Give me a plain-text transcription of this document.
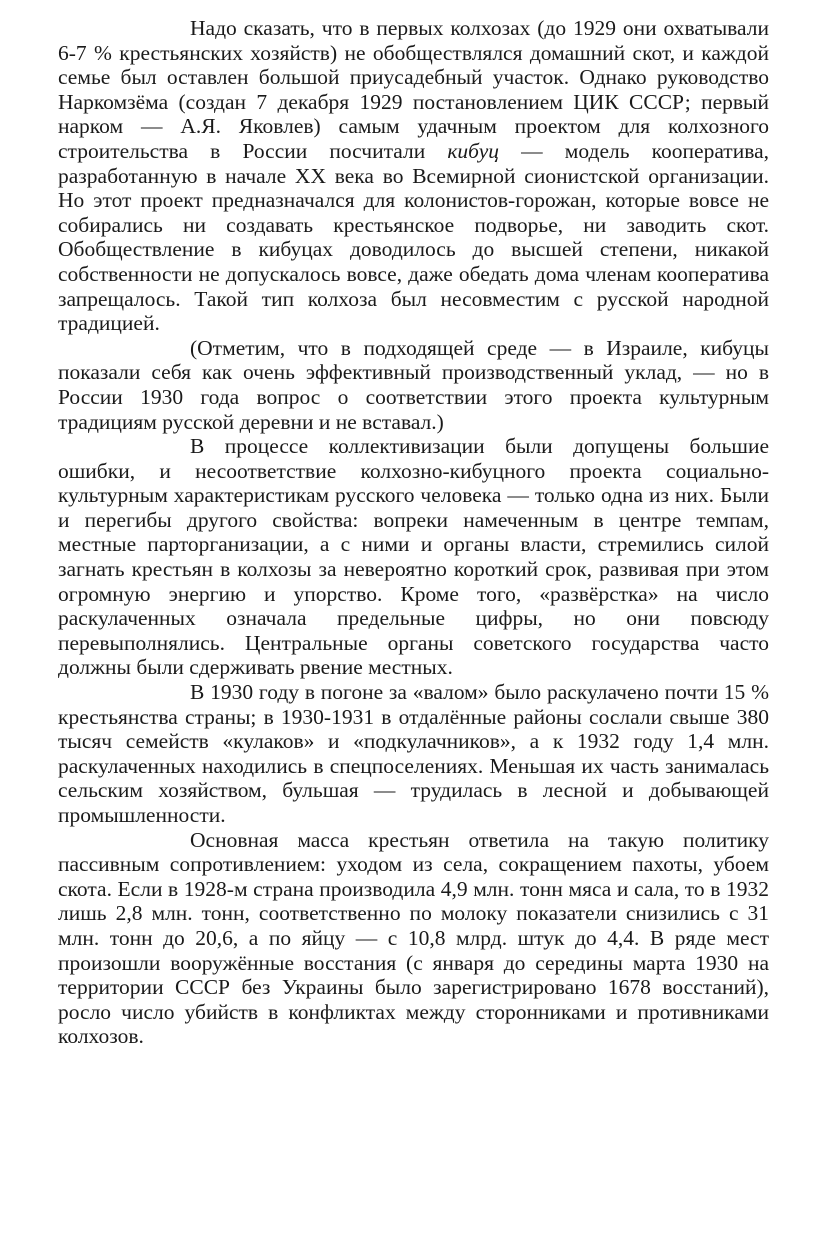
Надо сказать, что в первых колхозах (до 1929 они охватывали 6-7 % крестьянских хозяйств) не обобществлялся домашний скот, и каждой семье был оставлен большой приусадебный участок. Однако руководство Наркомзёма (создан 7 декабря 1929 постановлением ЦИК СССР; первый нарком — А.Я. Яковлев) самым удачным проектом для колхозного строительства в России посчитали кибуц — модель кооператива, разработанную в начале XX века во Всемирной сионистской организации. Но этот проект предназначался для колонистов-горожан, которые вовсе не собирались ни создавать крестьянское подворье, ни заводить скот. Обобществление в кибуцах доводилось до высшей степени, никакой собственности не допускалось вовсе, даже обедать дома членам кооператива запрещалось. Такой тип колхоза был несовместим с русской народной традицией.

(Отметим, что в подходящей среде — в Израиле, кибуцы показали себя как очень эффективный производственный уклад, — но в России 1930 года вопрос о соответствии этого проекта культурным традициям русской деревни и не вставал.)

В процессе коллективизации были допущены большие ошибки, и несоответствие колхозно-кибуцного проекта социально-культурным характеристикам русского человека — только одна из них. Были и перегибы другого свойства: вопреки намеченным в центре темпам, местные парторганизации, а с ними и органы власти, стремились силой загнать крестьян в колхозы за невероятно короткий срок, развивая при этом огромную энергию и упорство. Кроме того, «развёрстка» на число раскулаченных означала предельные цифры, но они повсюду перевыполнялись. Центральные органы советского государства часто должны были сдерживать рвение местных.

В 1930 году в погоне за «валом» было раскулачено почти 15 % крестьянства страны; в 1930-1931 в отдалённые районы сослали свыше 380 тысяч семейств «кулаков» и «подкулачников», а к 1932 году 1,4 млн. раскулаченных находились в спецпоселениях. Меньшая их часть занималась сельским хозяйством, бульшая — трудилась в лесной и добывающей промышленности.

Основная масса крестьян ответила на такую политику пассивным сопротивлением: уходом из села, сокращением пахоты, убоем скота. Если в 1928-м страна производила 4,9 млн. тонн мяса и сала, то в 1932 лишь 2,8 млн. тонн, соответственно по молоку показатели снизились с 31 млн. тонн до 20,6, а по яйцу — с 10,8 млрд. штук до 4,4. В ряде мест произошли вооружённые восстания (с января до середины марта 1930 на территории СССР без Украины было зарегистрировано 1678 восстаний), росло число убийств в конфликтах между сторонниками и противниками колхозов.
